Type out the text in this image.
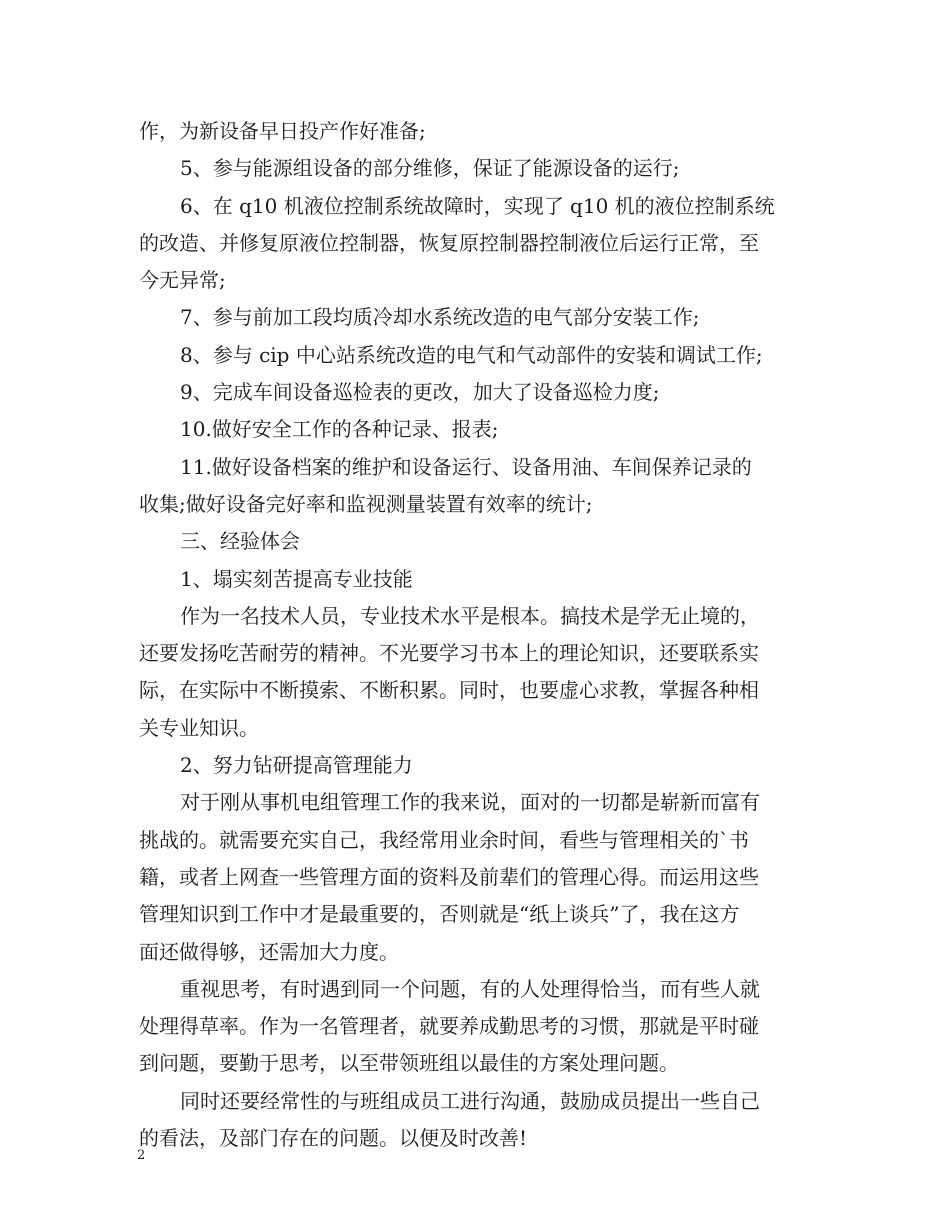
作，为新设备早日投产作好准备;
5、参与能源组设备的部分维修，保证了能源设备的运行;
6、在 q10 机液位控制系统故障时，实现了 q10 机的液位控制系统
的改造、并修复原液位控制器，恢复原控制器控制液位后运行正常，至
今无异常;
7、参与前加工段均质冷却水系统改造的电气部分安装工作;
8、参与 cip 中心站系统改造的电气和气动部件的安装和调试工作;
9、完成车间设备巡检表的更改，加大了设备巡检力度;
10.做好安全工作的各种记录、报表;
11.做好设备档案的维护和设备运行、设备用油、车间保养记录的
收集;做好设备完好率和监视测量装置有效率的统计;
三、经验体会
1、塌实刻苦提高专业技能
作为一名技术人员，专业技术水平是根本。搞技术是学无止境的，
还要发扬吃苦耐劳的精神。不光要学习书本上的理论知识，还要联系实
际，在实际中不断摸索、不断积累。同时，也要虚心求教，掌握各种相
关专业知识。
2、努力钻研提高管理能力
对于刚从事机电组管理工作的我来说，面对的一切都是崭新而富有
挑战的。就需要充实自己，我经常用业余时间，看些与管理相关的`书
籍，或者上网查一些管理方面的资料及前辈们的管理心得。而运用这些
管理知识到工作中才是最重要的，否则就是“纸上谈兵”了，我在这方
面还做得够，还需加大力度。
重视思考，有时遇到同一个问题，有的人处理得恰当，而有些人就
处理得草率。作为一名管理者，就要养成勤思考的习惯，那就是平时碰
到问题，要勤于思考，以至带领班组以最佳的方案处理问题。
同时还要经常性的与班组成员工进行沟通，鼓励成员提出一些自己
的看法，及部门存在的问题。以便及时改善!
2
